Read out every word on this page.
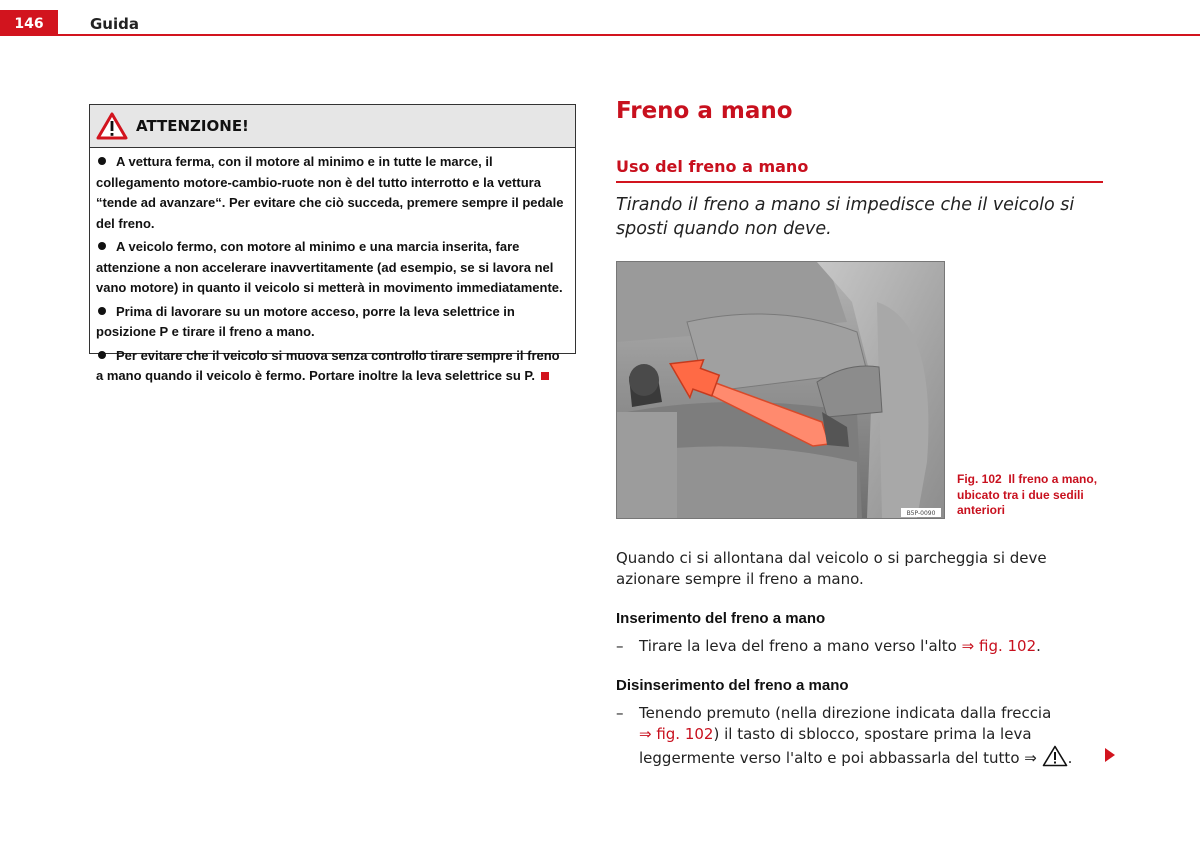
146	Guida
ATTENZIONE!
A vettura ferma, con il motore al minimo e in tutte le marce, il collegamento motore-cambio-ruote non è del tutto interrotto e la vettura “tende ad avanzare“. Per evitare che ciò succeda, premere sempre il pedale del freno.
A veicolo fermo, con motore al minimo e una marcia inserita, fare attenzione a non accelerare inavvertitamente (ad esempio, se si lavora nel vano motore) in quanto il veicolo si metterà in movimento immediatamente.
Prima di lavorare su un motore acceso, porre la leva selettrice in posizione P e tirare il freno a mano.
Per evitare che il veicolo si muova senza controllo tirare sempre il freno a mano quando il veicolo è fermo. Portare inoltre la leva selettrice su P.
Freno a mano
Uso del freno a mano
Tirando il freno a mano si impedisce che il veicolo si sposti quando non deve.
B5P-0090
Fig. 102 Il freno a mano, ubicato tra i due sedili anteriori
Quando ci si allontana dal veicolo o si parcheggia si deve azionare sempre il freno a mano.
Inserimento del freno a mano
– Tirare la leva del freno a mano verso l'alto ⇒ fig. 102.
Disinserimento del freno a mano
– Tenendo premuto (nella direzione indicata dalla freccia
⇒ fig. 102) il tasto di sblocco, spostare prima la leva leggermente verso l'alto e poi abbassarla del tutto ⇒ .
